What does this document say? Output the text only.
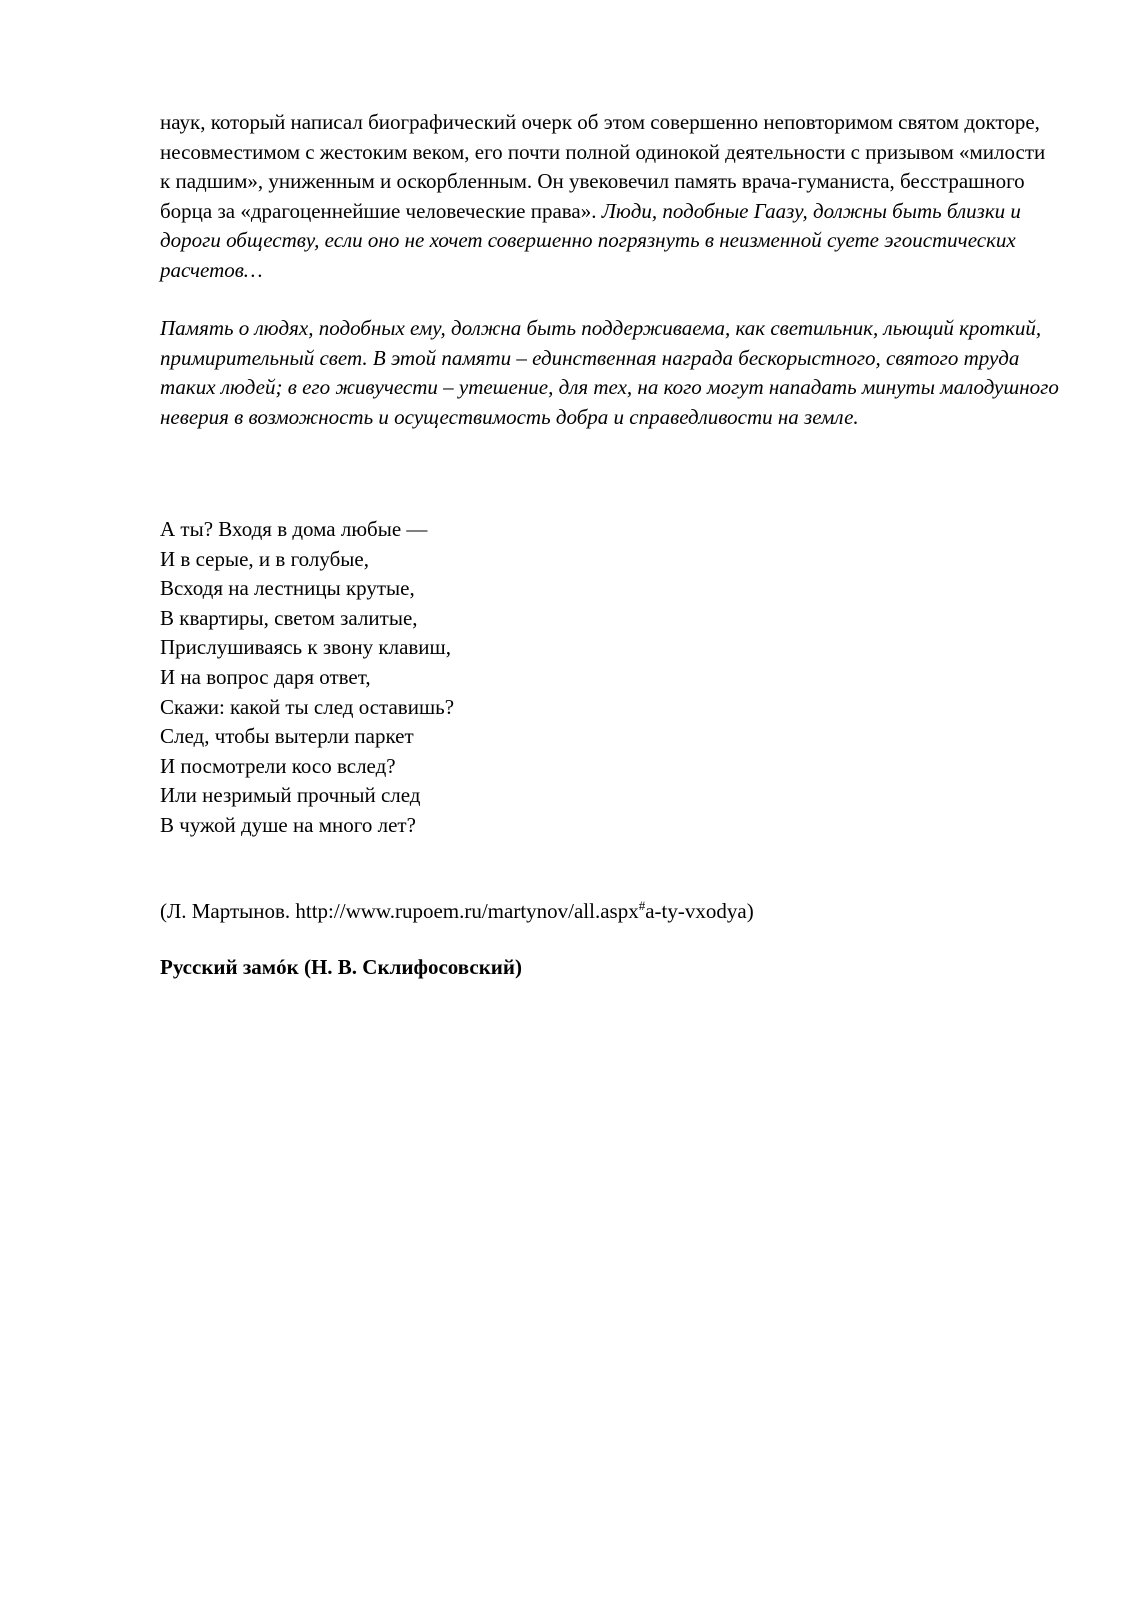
наук, который написал биографический очерк об этом совершенно неповторимом святом докторе, несовместимом с жестоким веком, его почти полной одинокой деятельности с призывом «милости к падшим», униженным и оскорбленным. Он увековечил память врача-гуманиста, бесстрашного борца за «драгоценнейшие человеческие права». Люди, подобные Гаазу, должны быть близки и дороги обществу, если оно не хочет совершенно погрязнуть в неизменной суете эгоистических расчетов…

Память о людях, подобных ему, должна быть поддерживаема, как светильник, льющий кроткий, примирительный свет. В этой памяти – единственная награда бескорыстного, святого труда таких людей; в его живучести – утешение, для тех, на кого могут нападать минуты малодушного неверия в возможность и осуществимость добра и справедливости на земле.

А ты? Входя в дома любые —
И в серые, и в голубые,
Всходя на лестницы крутые,
В квартиры, светом залитые,
Прислушиваясь к звону клавиш,
И на вопрос даря ответ,
Скажи: какой ты след оставишь?
След, чтобы вытерли паркет
И посмотрели косо вслед?
Или незримый прочный след
В чужой душе на много лет?

(Л. Мартынов. http://www.rupoem.ru/martynov/all.aspx#a-ty-vxodya)

Русский замóк (Н. В. Склифосовский)
